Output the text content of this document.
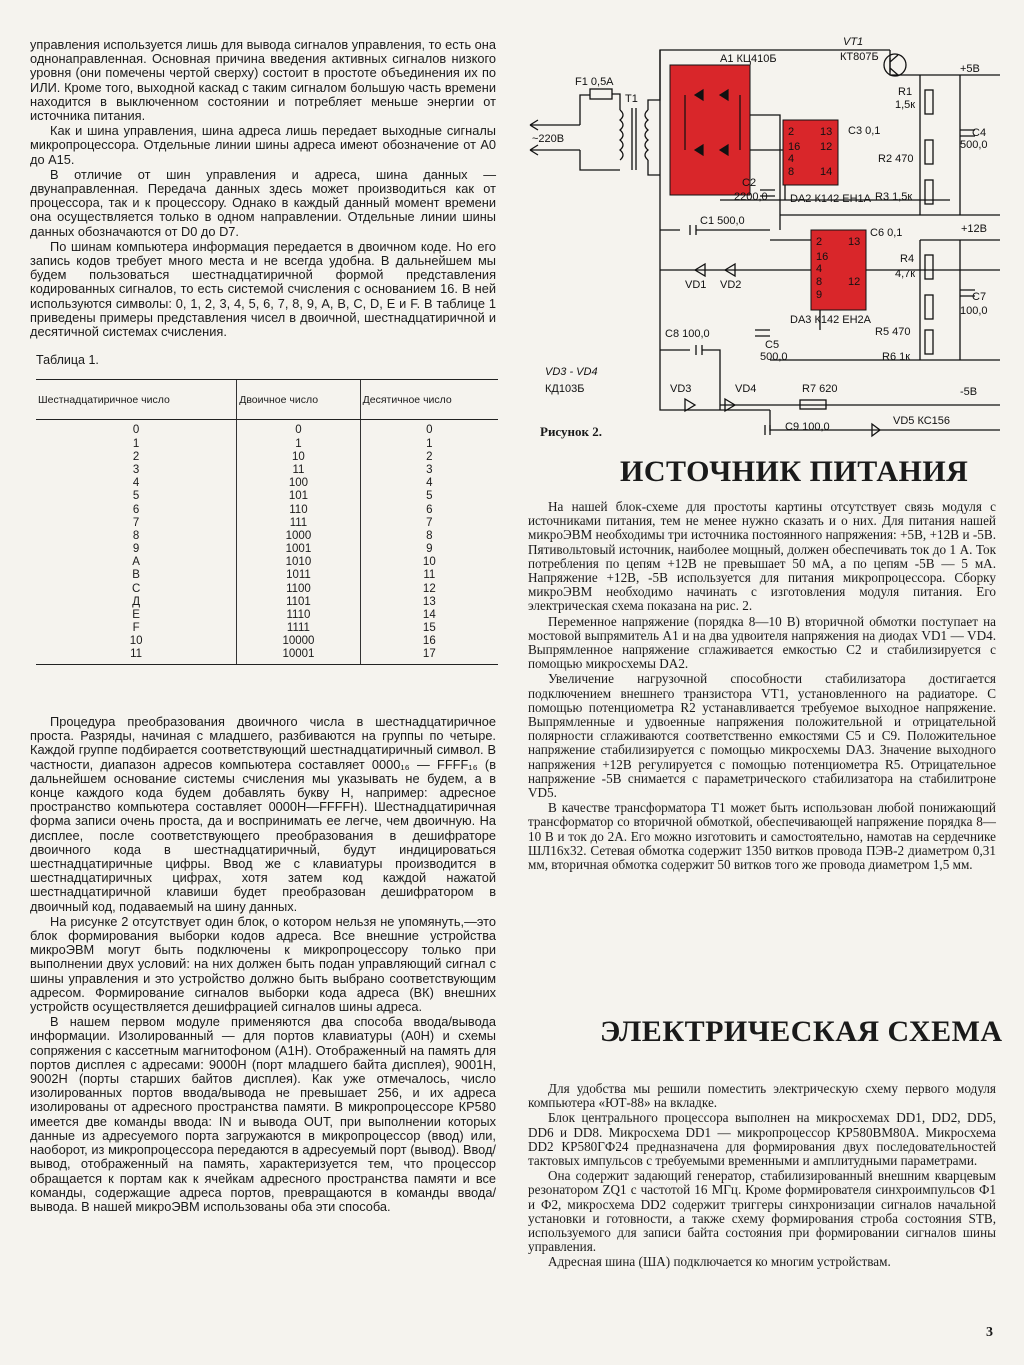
управления используется лишь для вывода сигналов управления, то есть она однонаправленная. Основная причина введения активных сигналов низкого уровня (они помечены чертой сверху) состоит в простоте объединения их по ИЛИ. Кроме того, выходной каскад с таким сигналом большую часть времени находится в выключенном состоянии и потребляет меньше энергии от источника питания.

Как и шина управления, шина адреса лишь передает выходные сигналы микропроцессора. Отдельные линии шины адреса имеют обозначение от A0 до A15.

В отличие от шин управления и адреса, шина данных — двунаправленная. Передача данных здесь может производиться как от процессора, так и к процессору. Однако в каждый данный момент времени она осуществляется только в одном направлении. Отдельные линии шины данных обозначаются от D0 до D7.

По шинам компьютера информация передается в двоичном коде. Но его запись кодов требует много места и не всегда удобна. В дальнейшем мы будем пользоваться шестнадцатиричной формой представления кодированных сигналов, то есть системой счисления с основанием 16. В ней используются символы: 0, 1, 2, 3, 4, 5, 6, 7, 8, 9, A, B, C, D, E и F. В таблице 1 приведены примеры представления чисел в двоичной, шестнадцатиричной и десятичной системах счисления.

Таблица 1.
Шестнадцатиричное число	Двоичное число	Десятичное число
0	0	0
1	1	1
2	10	2
3	11	3
4	100	4
5	101	5
6	110	6
7	111	7
8	1000	8
9	1001	9
A	1010	10
B	1011	11
C	1100	12
Д	1101	13
E	1110	14
F	1111	15
10	10000	16
11	10001	17

Процедура преобразования двоичного числа в шестнадцатиричное проста. Разряды, начиная с младшего, разбиваются на группы по четыре. Каждой группе подбирается соответствующий шестнадцатиричный символ. В частности, диапазон адресов компьютера составляет 0000₁₆ — FFFF₁₆ (в дальнейшем основание системы счисления мы указывать не будем, а в конце каждого кода будем добавлять букву H, например: адресное пространство компьютера составляет 0000H—FFFFH). Шестнадцатиричная форма записи очень проста, да и воспринимать ее легче, чем двоичную. На дисплее, после соответствующего преобразования в дешифраторе двоичного кода в шестнадцатиричный, будут индицироваться шестнадцатиричные цифры. Ввод же с клавиатуры производится в шестнадцатиричных цифрах, хотя затем код каждой нажатой шестнадцатиричной клавиши будет преобразован дешифратором в двоичный код, подаваемый на шину данных.

На рисунке 2 отсутствует один блок, о котором нельзя не упомянуть,—это блок формирования выборки кодов адреса. Все внешние устройства микроЭВМ могут быть подключены к микропроцессору только при выполнении двух условий: на них должен быть подан управляющий сигнал с шины управления и это устройство должно быть выбрано соответствующим адресом. Формирование сигналов выборки кода адреса (ВК) внешних устройств осуществляется дешифрацией сигналов шины адреса.

В нашем первом модуле применяются два способа ввода/вывода информации. Изолированный — для портов клавиатуры (A0H) и схемы сопряжения с кассетным магнитофоном (A1H). Отображенный на память для портов дисплея с адресами: 9000H (порт младшего байта дисплея), 9001H, 9002H (порты старших байтов дисплея). Как уже отмечалось, число изолированных портов ввода/вывода не превышает 256, и их адреса изолированы от адресного пространства памяти. В микропроцессоре КР580 имеется две команды ввода: IN и вывода OUT, при выполнении которых данные из адресуемого порта загружаются в микропроцессор (ввод) или, наоборот, из микропроцессора передаются в адресуемый порт (вывод). Ввод/вывод, отображенный на память, характеризуется тем, что процессор обращается к портам как к ячейкам адресного пространства памяти и все команды, содержащие адреса портов, превращаются в команды ввода/вывода. В нашей микроЭВМ использованы оба эти способа.

2 13
16 12
4
8 14
2 13
16
4
8 12
9
F1 0,5A
T1
~220В
A1 КЦ410Б
VT1
КТ807Б
+5В
+12В
-5В
C2
2200,0
C3 0,1	C4
500,0
R1
1,5к
R2 470
R3 1,5к
DA2 К142 ЕН1А
C1 500,0
C6 0,1
VD1 VD2
R4
4,7к
C7
100,0
DA3 К142 ЕН2А
R5 470
R6 1к
C8 100,0
C5
500,0
VD3 - VD4
КД103Б	VD3	VD4	R7 620
C9 100,0	VD5 КС156
Рисунок 2.
ИСТОЧНИК ПИТАНИЯ

На нашей блок-схеме для простоты картины отсутствует связь модуля с источниками питания, тем не менее нужно сказать и о них. Для питания нашей микроЭВМ необходимы три источника постоянного напряжения: +5В, +12В и -5В. Пятивольтовый источник, наиболее мощный, должен обеспечивать ток до 1 А. Ток потребления по цепям +12В не превышает 50 мА, а по цепям -5В — 5 мА. Напряжение +12В, -5В используется для питания микропроцессора. Сборку микроЭВМ необходимо начинать с изготовления модуля питания. Его электрическая схема показана на рис. 2.

Переменное напряжение (порядка 8—10 В) вторичной обмотки поступает на мостовой выпрямитель A1 и на два удвоителя напряжения на диодах VD1 — VD4. Выпрямленное напряжение сглаживается емкостью C2 и стабилизируется с помощью микросхемы DA2.

Увеличение нагрузочной способности стабилизатора достигается подключением внешнего транзистора VT1, установленного на радиаторе. С помощью потенциометра R2 устанавливается требуемое выходное напряжение. Выпрямленные и удвоенные напряжения положительной и отрицательной полярности сглаживаются соответственно емкостями C5 и C9. Положительное напряжение стабилизируется с помощью микросхемы DA3. Значение выходного напряжения +12В регулируется с помощью потенциометра R5. Отрицательное напряжение -5В снимается с параметрического стабилизатора на стабилитроне VD5.

В качестве трансформатора T1 может быть использован любой понижающий трансформатор со вторичной обмоткой, обеспечивающей напряжение порядка 8—10 В и ток до 2А. Его можно изготовить и самостоятельно, намотав на сердечнике ШЛ16х32. Сетевая обмотка содержит 1350 витков провода ПЭВ-2 диаметром 0,31 мм, вторичная обмотка содержит 50 витков того же провода диаметром 1,5 мм.

ЭЛЕКТРИЧЕСКАЯ СХЕМА

Для удобства мы решили поместить электрическую схему первого модуля компьютера «ЮТ-88» на вкладке.

Блок центрального процессора выполнен на микросхемах DD1, DD2, DD5, DD6 и DD8. Микросхема DD1 — микропроцессор КР580ВМ80А. Микросхема DD2 КР580ГФ24 предназначена для формирования двух последовательностей тактовых импульсов с требуемыми временными и амплитудными параметрами.

Она содержит задающий генератор, стабилизированный внешним кварцевым резонатором ZQ1 с частотой 16 МГц. Кроме формирователя синхроимпульсов Ф1 и Ф2, микросхема DD2 содержит триггеры синхронизации сигналов начальной установки и готовности, а также схему формирования строба состояния STB, используемого для записи байта состояния при формировании сигналов шины управления.

Адресная шина (ША) подключается ко многим устройствам.

3
